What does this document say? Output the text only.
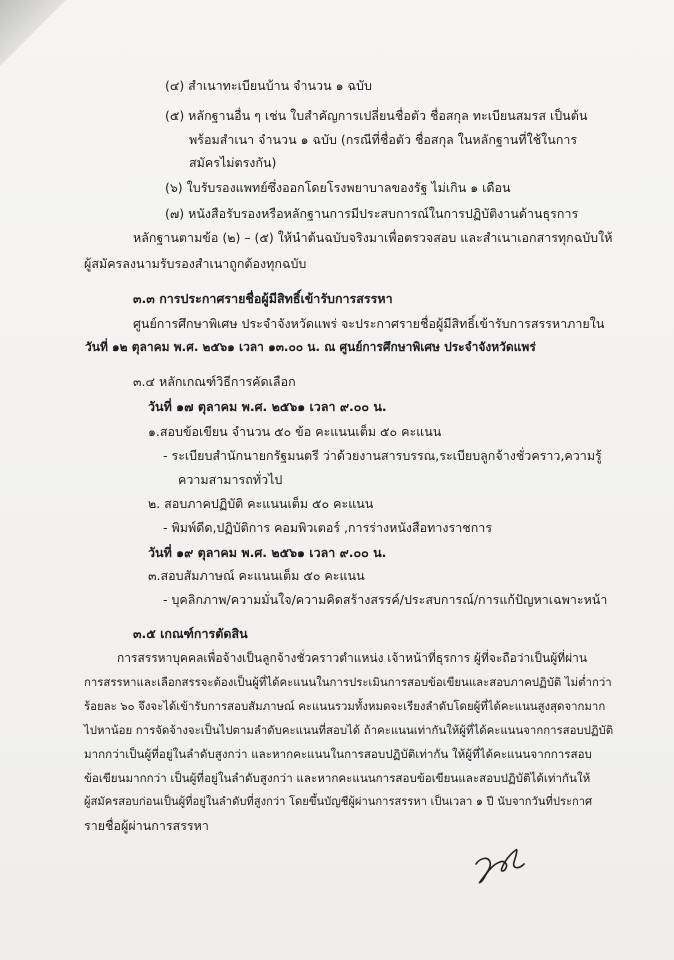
(๔) สำเนาทะเบียนบ้าน จำนวน ๑ ฉบับ
(๕) หลักฐานอื่น ๆ เช่น ใบสำคัญการเปลี่ยนชื่อตัว ชื่อสกุล ทะเบียนสมรส เป็นต้น
พร้อมสำเนา จำนวน ๑ ฉบับ (กรณีที่ชื่อตัว ชื่อสกุล ในหลักฐานที่ใช้ในการ
สมัครไม่ตรงกัน)
(๖) ใบรับรองแพทย์ซึ่งออกโดยโรงพยาบาลของรัฐ ไม่เกิน ๑ เดือน
(๗) หนังสือรับรองหรือหลักฐานการมีประสบการณ์ในการปฏิบัติงานด้านธุรการ
หลักฐานตามข้อ (๒) – (๕) ให้นำต้นฉบับจริงมาเพื่อตรวจสอบ และสำเนาเอกสารทุกฉบับให้
ผู้สมัครลงนามรับรองสำเนาถูกต้องทุกฉบับ
๓.๓ การประกาศรายชื่อผู้มีสิทธิ์เข้ารับการสรรหา
ศูนย์การศึกษาพิเศษ ประจำจังหวัดแพร่ จะประกาศรายชื่อผู้มีสิทธิ์เข้ารับการสรรหาภายใน
วันที่ ๑๒ ตุลาคม พ.ศ. ๒๕๖๑ เวลา ๑๓.๐๐ น. ณ ศูนย์การศึกษาพิเศษ ประจำจังหวัดแพร่
๓.๔ หลักเกณฑ์วิธีการคัดเลือก
วันที่ ๑๗ ตุลาคม พ.ศ. ๒๕๖๑ เวลา ๙.๐๐ น.
๑.สอบข้อเขียน จำนวน ๕๐ ข้อ คะแนนเต็ม ๕๐ คะแนน
- ระเบียบสำนักนายกรัฐมนตรี ว่าด้วยงานสารบรรณ,ระเบียบลูกจ้างชั่วคราว,ความรู้
ความสามารถทั่วไป
๒. สอบภาคปฏิบัติ คะแนนเต็ม ๕๐ คะแนน
- พิมพ์ดีด,ปฏิบัติการ คอมพิวเตอร์ ,การร่างหนังสือทางราชการ
วันที่ ๑๙ ตุลาคม พ.ศ. ๒๕๖๑ เวลา ๙.๐๐ น.
๓.สอบสัมภาษณ์ คะแนนเต็ม ๕๐ คะแนน
- บุคลิกภาพ/ความมั่นใจ/ความคิดสร้างสรรค์/ประสบการณ์/การแก้ปัญหาเฉพาะหน้า
๓.๕ เกณฑ์การตัดสิน
การสรรหาบุคคลเพื่อจ้างเป็นลูกจ้างชั่วคราวตำแหน่ง เจ้าหน้าที่ธุรการ ผู้ที่จะถือว่าเป็นผู้ที่ผ่าน
การสรรหาและเลือกสรรจะต้องเป็นผู้ที่ได้คะแนนในการประเมินการสอบข้อเขียนและสอบภาคปฏิบัติ ไม่ต่ำกว่า
ร้อยละ ๖๐ จึงจะได้เข้ารับการสอบสัมภาษณ์ คะแนนรวมทั้งหมดจะเรียงลำดับโดยผู้ที่ได้คะแนนสูงสุดจากมาก
ไปหาน้อย การจัดจ้างจะเป็นไปตามลำดับคะแนนที่สอบได้ ถ้าคะแนนเท่ากันให้ผู้ที่ได้คะแนนจากการสอบปฏิบัติ
มากกว่าเป็นผู้ที่อยู่ในลำดับสูงกว่า และหากคะแนนในการสอบปฏิบัติเท่ากัน ให้ผู้ที่ได้คะแนนจากการสอบ
ข้อเขียนมากกว่า เป็นผู้ที่อยู่ในลำดับสูงกว่า และหากคะแนนการสอบข้อเขียนและสอบปฏิบัติได้เท่ากันให้
ผู้สมัครสอบก่อนเป็นผู้ที่อยู่ในลำดับที่สูงกว่า โดยขึ้นบัญชีผู้ผ่านการสรรหา เป็นเวลา ๑ ปี นับจากวันที่ประกาศ
รายชื่อผู้ผ่านการสรรหา
